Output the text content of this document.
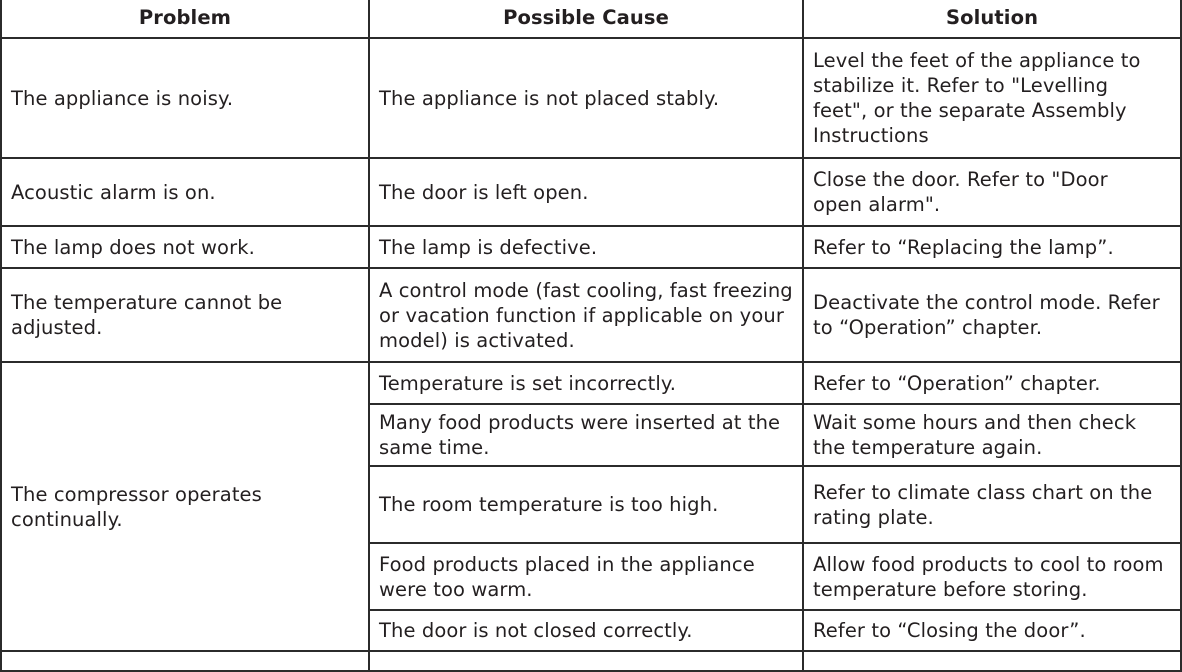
Problem	Possible Cause	Solution
The appliance is noisy.	The appliance is not placed stably.	Level the feet of the appliance to stabilize it. Refer to "Levelling feet", or the separate Assembly Instructions
Acoustic alarm is on.	The door is left open.	Close the door. Refer to "Door open alarm".
The lamp does not work.	The lamp is defective.	Refer to “Replacing the lamp”.
The temperature cannot be adjusted.	A control mode (fast cooling, fast freezing or vacation function if applicable on your model) is activated.	Deactivate the control mode. Refer to “Operation” chapter.
The compressor operates continually.	Temperature is set incorrectly.	Refer to “Operation” chapter.
	Many food products were inserted at the same time.	Wait some hours and then check the temperature again.
	The room temperature is too high.	Refer to climate class chart on the rating plate.
	Food products placed in the appliance were too warm.	Allow food products to cool to room temperature before storing.
	The door is not closed correctly.	Refer to “Closing the door”.
